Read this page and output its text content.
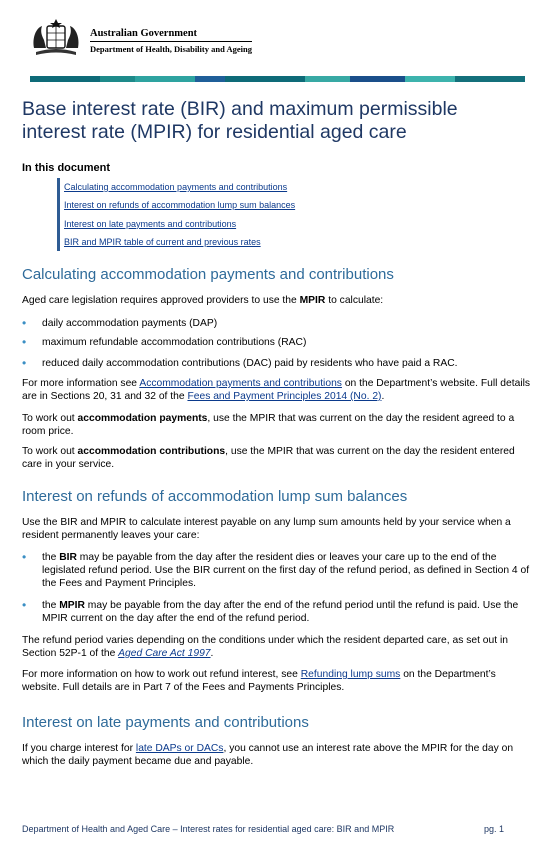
Australian Government
Department of Health, Disability and Ageing
Base interest rate (BIR) and maximum permissible interest rate (MPIR) for residential aged care
In this document
Calculating accommodation payments and contributions
Interest on refunds of accommodation lump sum balances
Interest on late payments and contributions
BIR and MPIR table of current and previous rates
Calculating accommodation payments and contributions

Aged care legislation requires approved providers to use the MPIR to calculate:

• daily accommodation payments (DAP)
• maximum refundable accommodation contributions (RAC)
• reduced daily accommodation contributions (DAC) paid by residents who have paid a RAC.

For more information see Accommodation payments and contributions on the Department’s website. Full details are in Sections 20, 31 and 32 of the Fees and Payment Principles 2014 (No. 2).

To work out accommodation payments, use the MPIR that was current on the day the resident agreed to a room price.

To work out accommodation contributions, use the MPIR that was current on the day the resident entered care in your service.

Interest on refunds of accommodation lump sum balances

Use the BIR and MPIR to calculate interest payable on any lump sum amounts held by your service when a resident permanently leaves your care:

• the BIR may be payable from the day after the resident dies or leaves your care up to the end of the legislated refund period. Use the BIR current on the first day of the refund period, as defined in Section 4 of the Fees and Payment Principles.
• the MPIR may be payable from the day after the end of the refund period until the refund is paid. Use the MPIR current on the day after the end of the refund period.

The refund period varies depending on the conditions under which the resident departed care, as set out in Section 52P-1 of the Aged Care Act 1997.

For more information on how to work out refund interest, see Refunding lump sums on the Department’s website. Full details are in Part 7 of the Fees and Payments Principles.

Interest on late payments and contributions

If you charge interest for late DAPs or DACs, you cannot use an interest rate above the MPIR for the day on which the daily payment became due and payable.

Department of Health and Aged Care – Interest rates for residential aged care: BIR and MPIR	pg. 1
